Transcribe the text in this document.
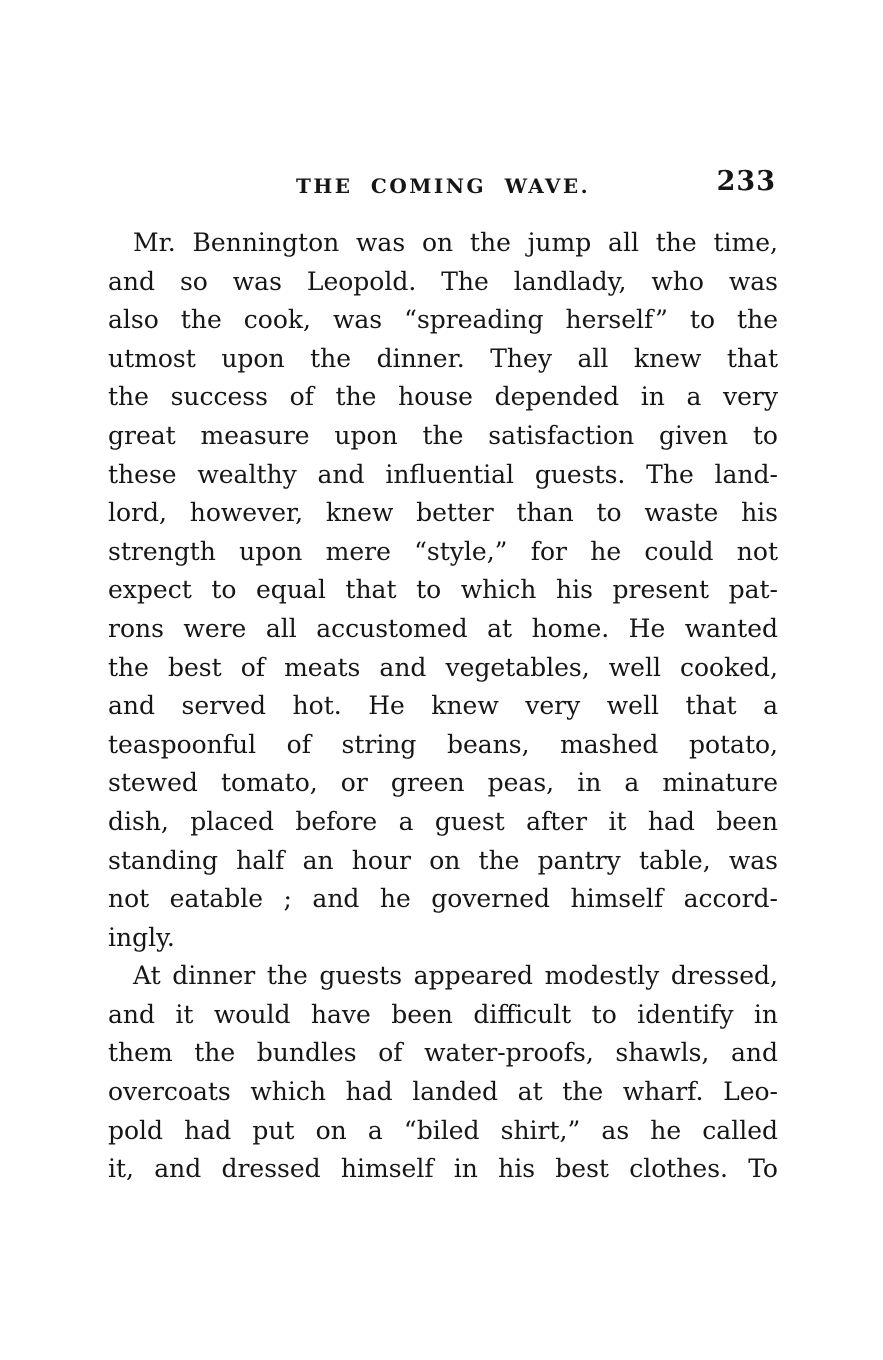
THE COMING WAVE.	233
Mr. Bennington was on the jump all the time,
and so was Leopold. The landlady, who was
also the cook, was “spreading herself” to the
utmost upon the dinner. They all knew that
the success of the house depended in a very
great measure upon the satisfaction given to
these wealthy and influential guests. The land-
lord, however, knew better than to waste his
strength upon mere “style,” for he could not
expect to equal that to which his present pat-
rons were all accustomed at home. He wanted
the best of meats and vegetables, well cooked,
and served hot. He knew very well that a
teaspoonful of string beans, mashed potato,
stewed tomato, or green peas, in a minature
dish, placed before a guest after it had been
standing half an hour on the pantry table, was
not eatable ; and he governed himself accord-
ingly.
At dinner the guests appeared modestly dressed,
and it would have been difficult to identify in
them the bundles of water-proofs, shawls, and
overcoats which had landed at the wharf. Leo-
pold had put on a “biled shirt,” as he called
it, and dressed himself in his best clothes. To
